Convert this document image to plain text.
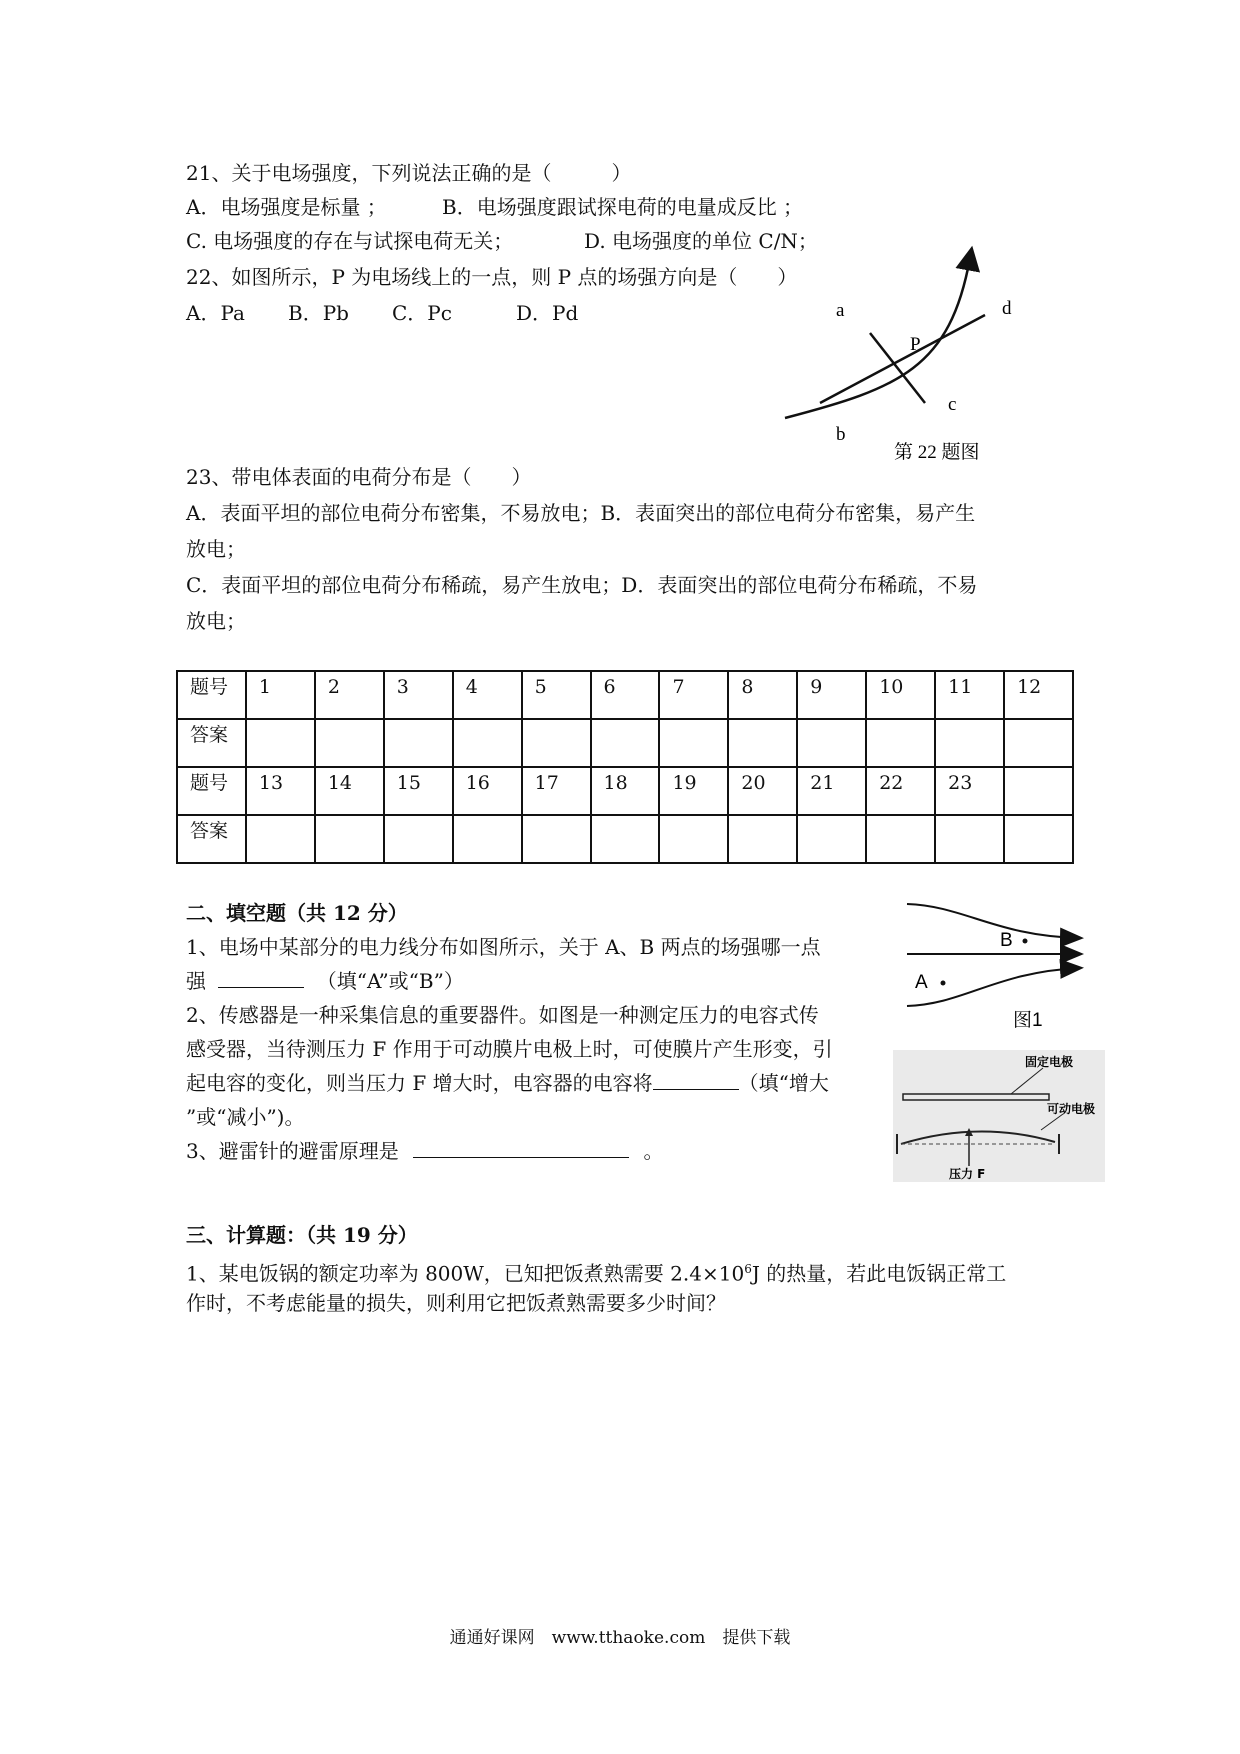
21、关于电场强度，下列说法正确的是（　　　）
A．电场强度是标量 ；	B．电场强度跟试探电荷的电量成反比 ；
C. 电场强度的存在与试探电荷无关；	D. 电场强度的单位 C/N；
22、如图所示，P 为电场线上的一点，则 P 点的场强方向是（　　）
A．Pa B．Pb C．Pc	D．Pd	a	d
P
c
b
第 22 题图
23、带电体表面的电荷分布是（　　）
A．表面平坦的部位电荷分布密集，不易放电；B．表面突出的部位电荷分布密集，易产生
放电；
C．表面平坦的部位电荷分布稀疏，易产生放电；D．表面突出的部位电荷分布稀疏，不易
放电；
题号	1	2	3	4	5	6	7	8	9	10	11	12
答案												
题号	13	14	15	16	17	18	19	20	21	22	23	
答案												
二、填空题（共 12 分）
1、电场中某部分的电力线分布如图所示，关于 A、B 两点的场强哪一点
强	（填“A”或“B”）
2、传感器是一种采集信息的重要器件。如图是一种测定压力的电容式传
感受器，当待测压力 F 作用于可动膜片电极上时，可使膜片产生形变，引
起电容的变化，则当压力 F 增大时，电容器的电容将	（填“增大
”或“减小”)。
3、避雷针的避雷原理是	。
B
A
图1
固定电极
可动电极
压力 F
三、计算题：（共 19 分）
1、某电饭锅的额定功率为 800W，已知把饭煮熟需要 $2.4\times 10^6J$ 的热量，若此电饭锅正常工
作时，不考虑能量的损失，则利用它把饭煮熟需要多少时间？
通通好课网　www.tthaoke.com　提供下载
